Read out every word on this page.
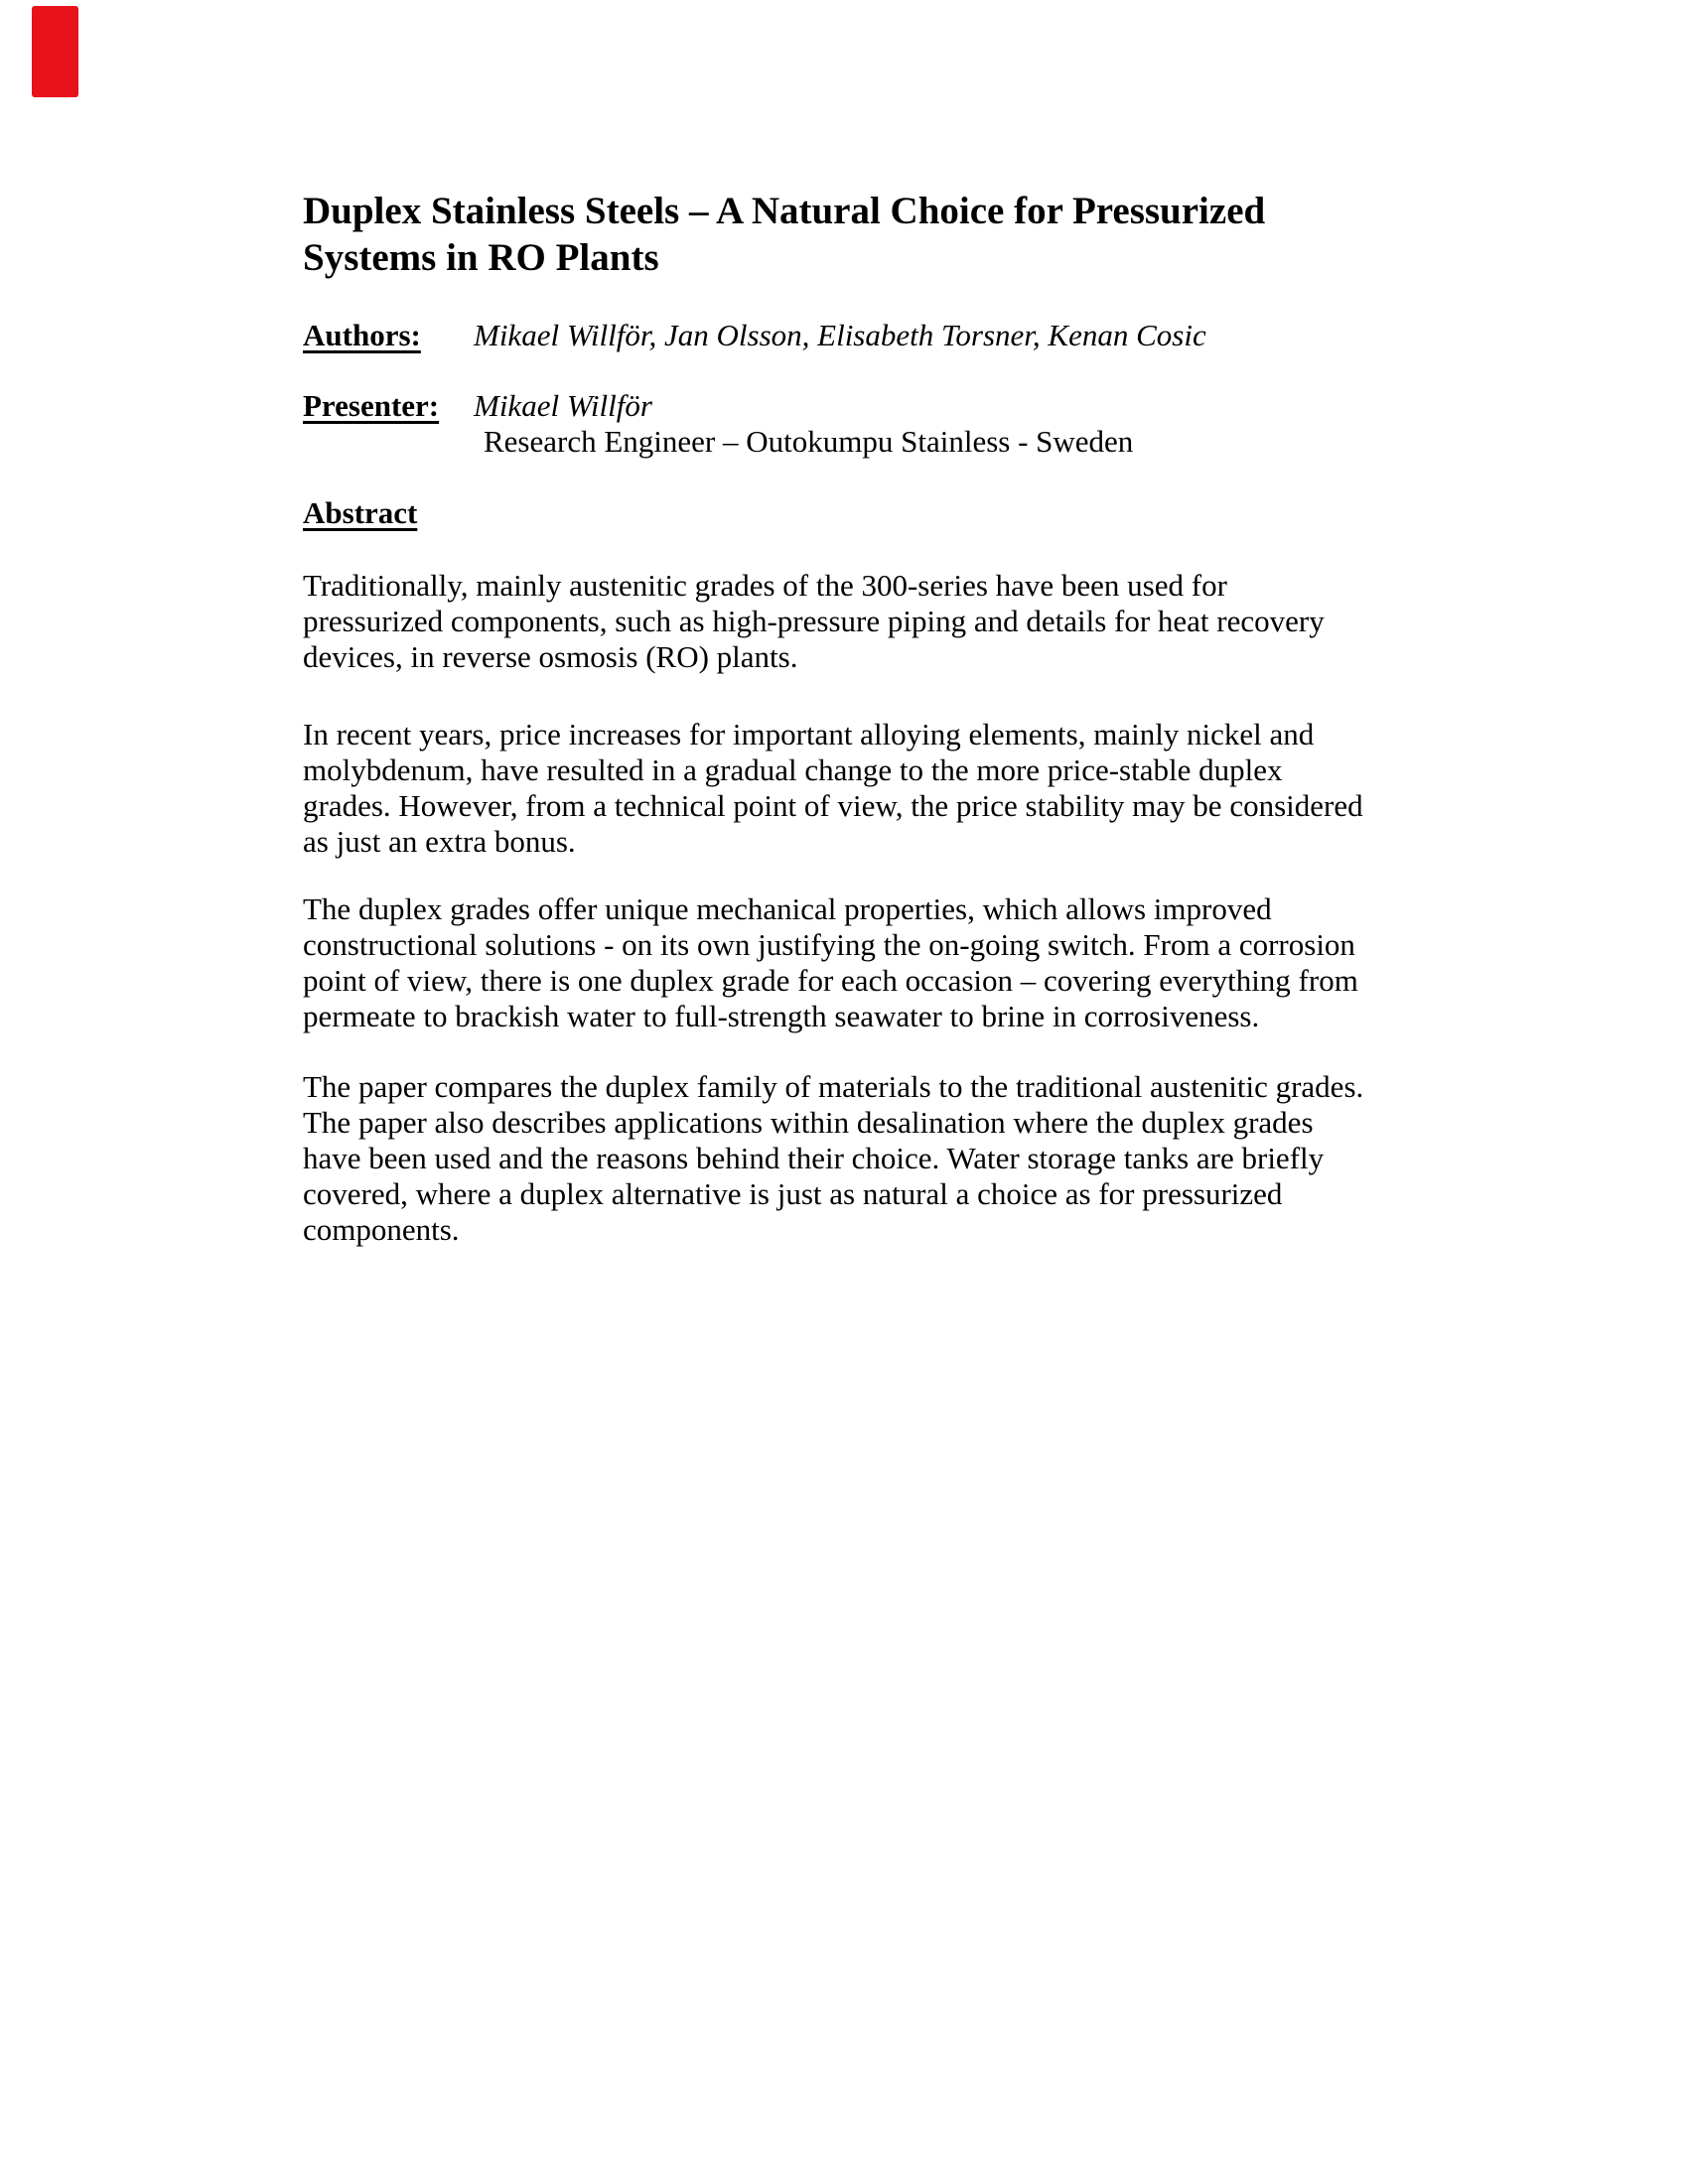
Duplex Stainless Steels – A Natural Choice for Pressurized
Systems in RO Plants
Authors: Mikael Willför, Jan Olsson, Elisabeth Torsner, Kenan Cosic
Presenter: Mikael Willför
Research Engineer – Outokumpu Stainless - Sweden
Abstract
Traditionally, mainly austenitic grades of the 300-series have been used for
pressurized components, such as high-pressure piping and details for heat recovery
devices, in reverse osmosis (RO) plants.
In recent years, price increases for important alloying elements, mainly nickel and
molybdenum, have resulted in a gradual change to the more price-stable duplex
grades. However, from a technical point of view, the price stability may be considered
as just an extra bonus.
The duplex grades offer unique mechanical properties, which allows improved
constructional solutions - on its own justifying the on-going switch. From a corrosion
point of view, there is one duplex grade for each occasion – covering everything from
permeate to brackish water to full-strength seawater to brine in corrosiveness.
The paper compares the duplex family of materials to the traditional austenitic grades.
The paper also describes applications within desalination where the duplex grades
have been used and the reasons behind their choice. Water storage tanks are briefly
covered, where a duplex alternative is just as natural a choice as for pressurized
components.
